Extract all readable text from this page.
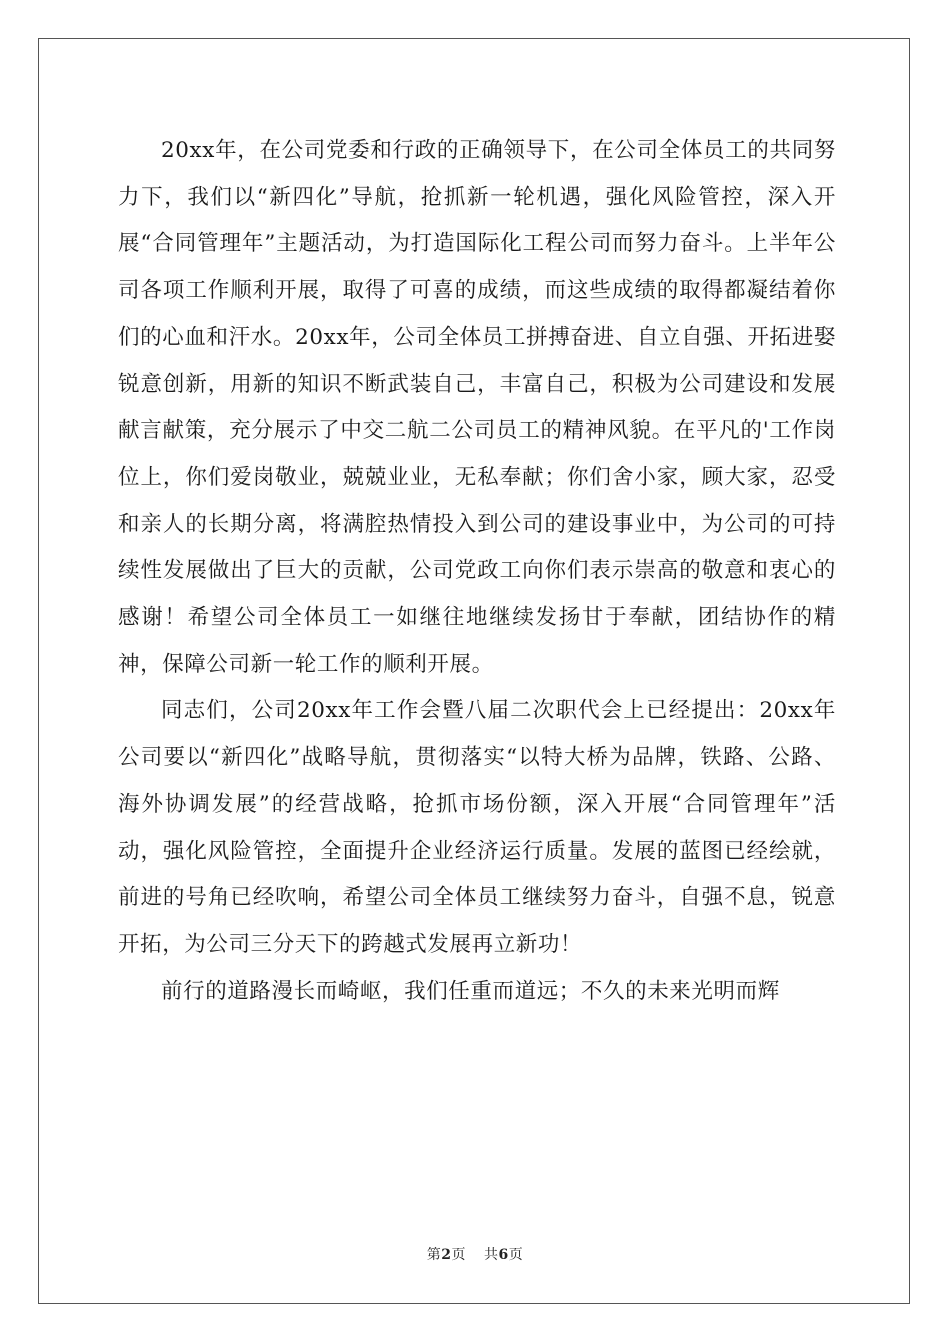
20xx年，在公司党委和行政的正确领导下，在公司全体员工的共同努力下，我们以“新四化”导航，抢抓新一轮机遇，强化风险管控，深入开展“合同管理年”主题活动，为打造国际化工程公司而努力奋斗。上半年公司各项工作顺利开展，取得了可喜的成绩，而这些成绩的取得都凝结着你们的心血和汗水。20xx年，公司全体员工拼搏奋进、自立自强、开拓进娶锐意创新，用新的知识不断武装自己，丰富自己，积极为公司建设和发展献言献策，充分展示了中交二航二公司员工的精神风貌。在平凡的'工作岗位上，你们爱岗敬业，兢兢业业，无私奉献；你们舍小家，顾大家，忍受和亲人的长期分离，将满腔热情投入到公司的建设事业中，为公司的可持续性发展做出了巨大的贡献，公司党政工向你们表示崇高的敬意和衷心的感谢！希望公司全体员工一如继往地继续发扬甘于奉献，团结协作的精神，保障公司新一轮工作的顺利开展。

同志们，公司20xx年工作会暨八届二次职代会上已经提出：20xx年公司要以“新四化”战略导航，贯彻落实“以特大桥为品牌，铁路、公路、海外协调发展”的经营战略，抢抓市场份额，深入开展“合同管理年”活动，强化风险管控，全面提升企业经济运行质量。发展的蓝图已经绘就，前进的号角已经吹响，希望公司全体员工继续努力奋斗，自强不息，锐意开拓，为公司三分天下的跨越式发展再立新功！

前行的道路漫长而崎岖，我们任重而道远；不久的未来光明而辉

第2页 共6页
